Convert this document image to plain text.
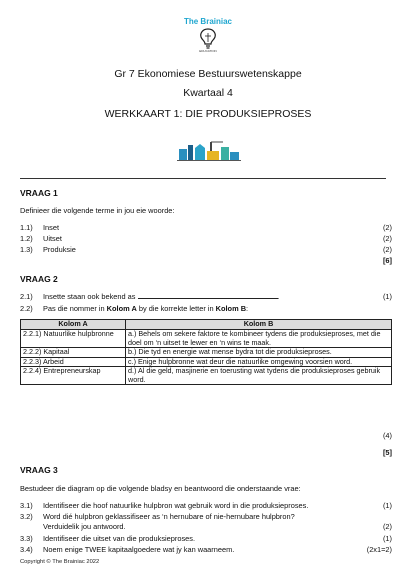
The Brainiac
EDUCATION
Gr 7 Ekonomiese Bestuurswetenskappe
Kwartaal 4
WERKKAART 1: DIE PRODUKSIEPROSES
VRAAG 1
Definieer die volgende terme in jou eie woorde:
1.1) Inset	(2)
1.2) Uitset	(2)
1.3) Produksie	(2)
[6]
VRAAG 2
2.1) Insette staan ook bekend as	.	(1)
2.2) Pas die nommer in Kolom A by die korrekte letter in Kolom B:
Kolom A	Kolom B
2.2.1) Natuurlike hulpbronne	a.) Behels om sekere faktore te kombineer tydens die produksieproses, met die doel om ‘n uitset te lewer en ‘n wins te maak.
2.2.2) Kapitaal	b.) Die tyd en energie wat mense bydra tot die produksieproses.
2.2.3) Arbeid	c.) Enige hulpbronne wat deur die natuurlike omgewing voorsien word.
2.2.4) Entrepreneurskap	d.) Al die geld, masjinerie en toerusting wat tydens die produksieproses gebruik word.
(4)
[5]
VRAAG 3
Bestudeer die diagram op die volgende bladsy en beantwoord die onderstaande vrae:
3.1) Identifiseer die hoof natuurlike hulpbron wat gebruik word in die produksieproses.	(1)
3.2) Word dié hulpbron geklassifiseer as ‘n hernubare of nie-hernubare hulpbron?
Verduidelik jou antwoord.	(2)
3.3) Identifiseer die uitset van die produksieproses.	(1)
3.4) Noem enige TWEE kapitaalgoedere wat jy kan waarneem.	(2x1=2)
Copyright © The Brainiac 2022
